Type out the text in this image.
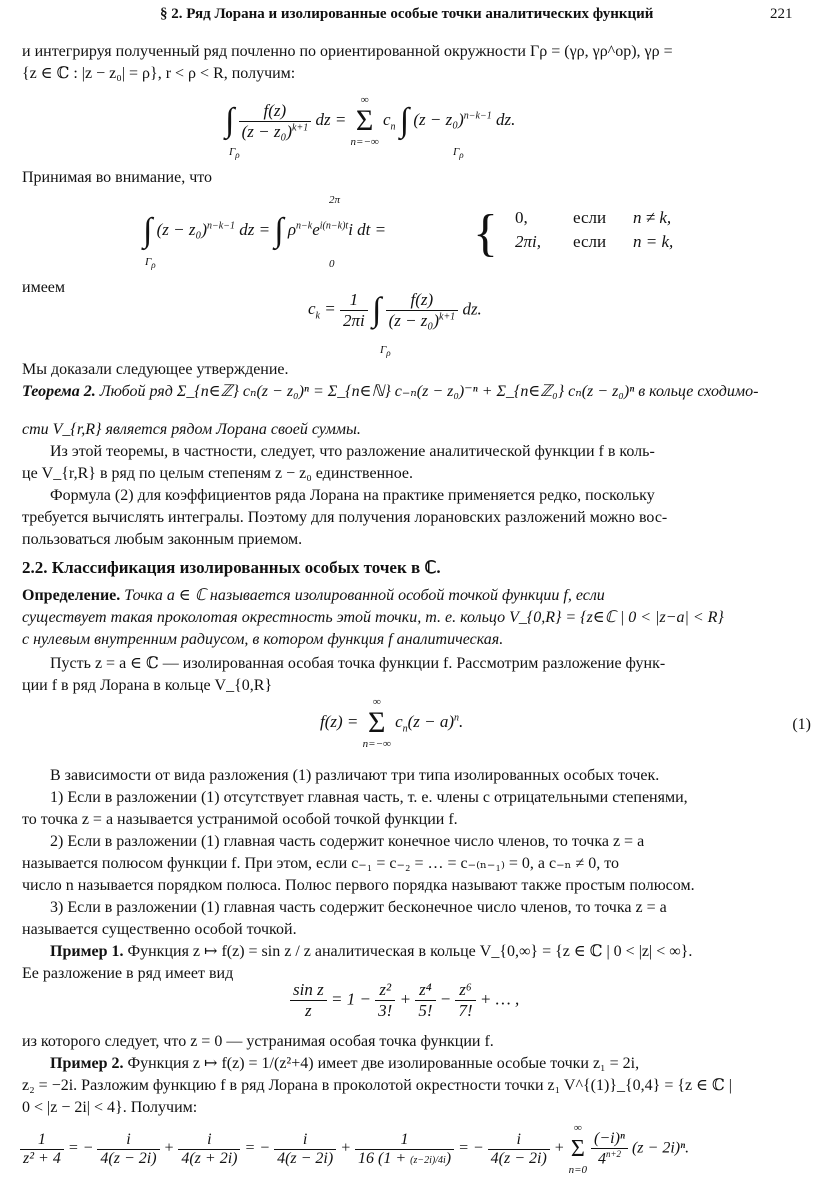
§ 2. Ряд Лорана и изолированные особые точки аналитических функций	221
и интегрируя полученный ряд почленно по ориентированной окружности Γρ = (γρ, γρ^op), γρ =
{z ∈ ℂ : |z − z₀| = ρ}, r < ρ < R, получим:
∫ $\frac{f(z)}{(z - z_0)^{k+1}}$ dz =
∞
Σ
n=−∞
$c_n$ ∫ $(z - z_0)^{n-k-1}$ dz.
$\Gamma_\rho$	$\Gamma_\rho$
Принимая во внимание, что
∫ $(z - z_0)^{n-k-1}$ dz = ∫ $\rho^{n-k}e^{i(n-k)t}i$ dt = { 0,	если n ≠ k,
2πi, если n = k,
$\Gamma_\rho$
2π
0
имеем
$c_k = \frac{1}{2\pi i}$ ∫ $\frac{f(z)}{(z - z_0)^{k+1}}$ dz.
$\Gamma_\rho$
Мы доказали следующее утверждение.
Теорема 2. Любой ряд Σ_{n∈ℤ} cₙ(z − z₀)ⁿ = Σ_{n∈ℕ} c₋ₙ(z − z₀)⁻ⁿ + Σ_{n∈ℤ₀} cₙ(z − z₀)ⁿ в кольце сходимо-
сти V_{r,R} является рядом Лорана своей суммы.
Из этой теоремы, в частности, следует, что разложение аналитической функции f в коль-
це V_{r,R} в ряд по целым степеням z − z₀ единственное.
Формула (2) для коэффициентов ряда Лорана на практике применяется редко, поскольку
требуется вычислять интегралы. Поэтому для получения лорановских разложений можно вос-
пользоваться любым законным приемом.
2.2. Классификация изолированных особых точек в ℂ.
Определение. Точка a ∈ ℂ называется изолированной особой точкой функции f, если
существует такая проколотая окрестность этой точки, т. е. кольцо V_{0,R} = {z∈ℂ | 0 < |z−a| < R}
с нулевым внутренним радиусом, в котором функция f аналитическая.
Пусть z = a ∈ ℂ — изолированная особая точка функции f. Рассмотрим разложение функ-
ции f в ряд Лорана в кольце V_{0,R}
f(z) =
∞
Σ
n=−∞
$c_n(z - a)^n$.	(1)
В зависимости от вида разложения (1) различают три типа изолированных особых точек.
1) Если в разложении (1) отсутствует главная часть, т. е. члены с отрицательными степенями,
то точка z = a называется устранимой особой точкой функции f.
2) Если в разложении (1) главная часть содержит конечное число членов, то точка z = a
называется полюсом функции f. При этом, если c₋₁ = c₋₂ = … = c₋₍ₙ₋₁₎ = 0, а c₋ₙ ≠ 0, то
число n называется порядком полюса. Полюс первого порядка называют также простым полюсом.
3) Если в разложении (1) главная часть содержит бесконечное число членов, то точка z = a
называется существенно особой точкой.
Пример 1. Функция z ↦ f(z) = sin z / z аналитическая в кольце V_{0,∞} = {z ∈ ℂ | 0 < |z| < ∞}.
Ее разложение в ряд имеет вид
$\frac{\text{sin z}}{z} = 1 - \frac{\text{z²}}{3!} + \frac{\text{z⁴}}{5!} - \frac{\text{z⁶}}{7!}$ + … ,
из которого следует, что z = 0 — устранимая особая точка функции f.
Пример 2. Функция z ↦ f(z) = 1/(z²+4) имеет две изолированные особые точки z₁ = 2i,
z₂ = −2i. Разложим функцию f в ряд Лорана в проколотой окрестности точки z₁ V^{(1)}_{0,4} = {z ∈ ℂ |
0 < |z − 2i| < 4}. Получим:
$\frac{1}{\text{z² + 4}}$ = − $\frac{i}{4(z - 2i)} + \frac{i}{4(z + 2i)}$ = − $\frac{i}{4(z - 2i)} + \frac{1}{16 (1 + (z-2i)/4i)}$ = − $\frac{i}{4(z - 2i)}$ +
∞
Σ
n=0

$\frac{\text{(−i)ⁿ}}{4^{n+2}} (z - 2i)^n$.
